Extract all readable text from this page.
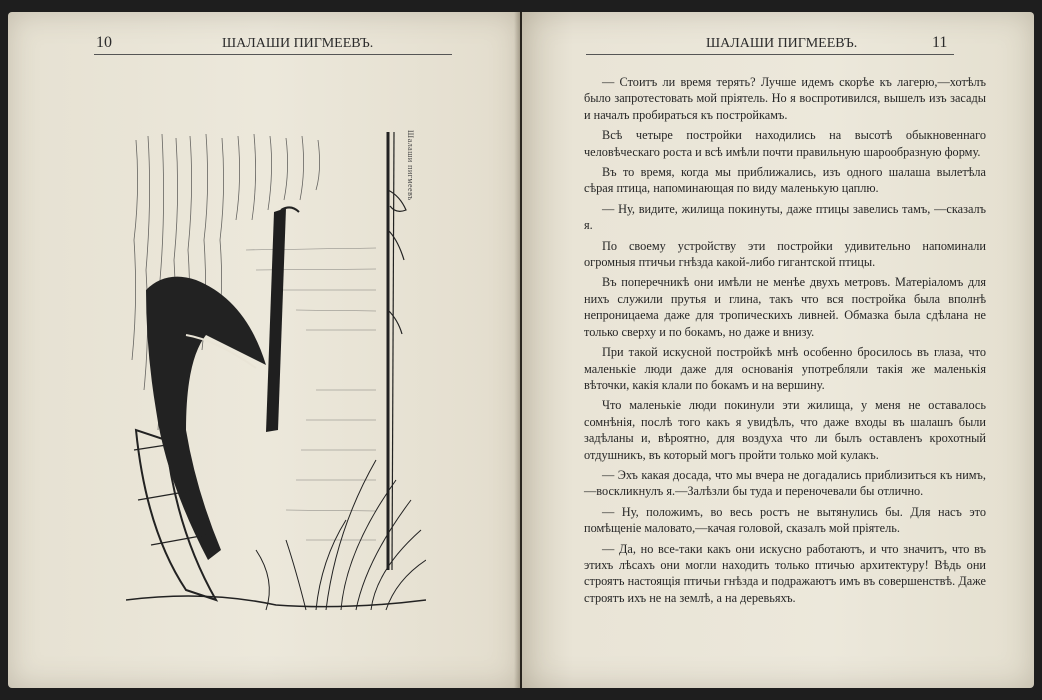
10	ШАЛАШИ ПИГМЕЕВЪ.
Шалаши пигмеевъ
ШАЛАШИ ПИГМЕЕВЪ.	11

— Стоитъ ли время терять? Лучше идемъ скорѣе къ лагерю,—хотѣлъ было запротестовать мой пріятель. Но я воспротивился, вышелъ изъ засады и началъ пробираться къ постройкамъ.

Всѣ четыре постройки находились на высотѣ обыкновеннаго человѣческаго роста и всѣ имѣли почти правильную шарообразную форму.

Въ то время, когда мы приближались, изъ одного шалаша вылетѣла сѣрая птица, напоминающая по виду маленькую цаплю.

— Ну, видите, жилища покинуты, даже птицы завелись тамъ, —сказалъ я.

По своему устройству эти постройки удивительно напоминали огромныя птичьи гнѣзда какой-либо гигантской птицы.

Въ поперечникѣ они имѣли не менѣе двухъ метровъ. Матеріаломъ для нихъ служили прутья и глина, такъ что вся постройка была вполнѣ непроницаема даже для тропическихъ ливней. Обмазка была сдѣлана не только сверху и по бокамъ, но даже и внизу.

При такой искусной постройкѣ мнѣ особенно бросилось въ глаза, что маленькіе люди даже для основанія употребляли такія же маленькія вѣточки, какія клали по бокамъ и на вершину.

Что маленькіе люди покинули эти жилища, у меня не оставалось сомнѣнія, послѣ того какъ я увидѣлъ, что даже входы въ шалашъ были задѣланы и, вѣроятно, для воздуха что ли былъ оставленъ крохотный отдушникъ, въ который могъ пройти только мой кулакъ.

— Эхъ какая досада, что мы вчера не догадались приблизиться къ нимъ,—воскликнулъ я.—Залѣзли бы туда и переночевали бы отлично.

— Ну, положимъ, во весь ростъ не вытянулись бы. Для насъ это помѣщеніе маловато,—качая головой, сказалъ мой пріятель.

— Да, но все-таки какъ они искусно работаютъ, и что значитъ, что въ этихъ лѣсахъ они могли находить только птичью архитектуру! Вѣдь они строятъ настоящія птичьи гнѣзда и подражаютъ имъ въ совершенствѣ. Даже строятъ ихъ не на землѣ, а на деревьяхъ.
